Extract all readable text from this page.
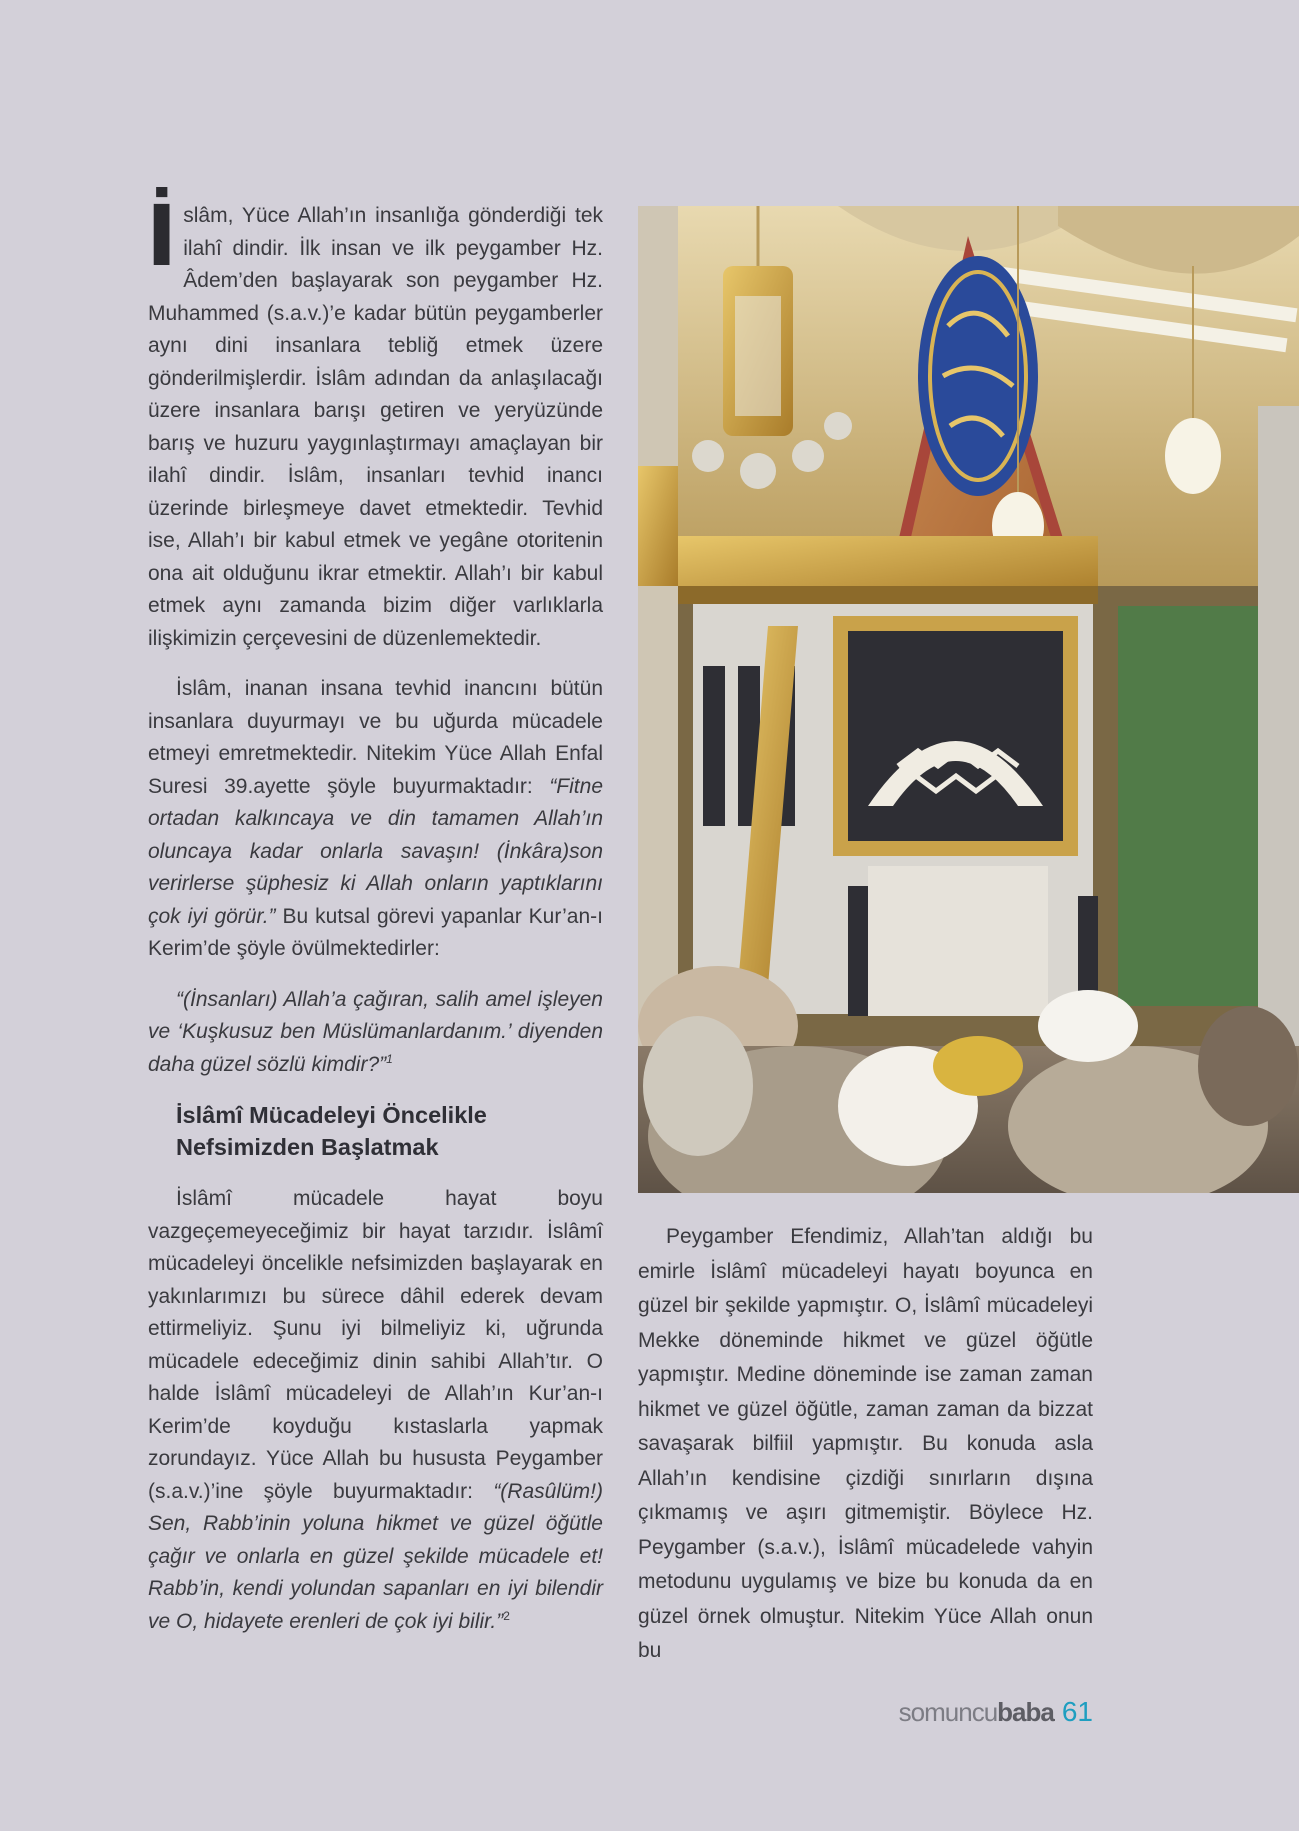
İslâm, Yüce Allah’ın insanlığa gönderdiği tek ilahî dindir. İlk insan ve ilk peygamber Hz. Âdem’den başlayarak son peygamber Hz. Muhammed (s.a.v.)’e kadar bütün peygamberler aynı dini insanlara tebliğ etmek üzere gönderilmişlerdir. İslâm adından da anlaşılacağı üzere insanlara barışı getiren ve yeryüzünde barış ve huzuru yaygınlaştırmayı amaçlayan bir ilahî dindir. İslâm, insanları tevhid inancı üzerinde birleşmeye davet etmektedir. Tevhid ise, Allah’ı bir kabul etmek ve yegâne otoritenin ona ait olduğunu ikrar etmektir. Allah’ı bir kabul etmek aynı zamanda bizim diğer varlıklarla ilişkimizin çerçevesini de düzenlemektedir.

İslâm, inanan insana tevhid inancını bütün insanlara duyurmayı ve bu uğurda mücadele etmeyi emretmektedir. Nitekim Yüce Allah Enfal Suresi 39.ayette şöyle buyurmaktadır: “Fitne ortadan kalkıncaya ve din tamamen Allah’ın oluncaya kadar onlarla savaşın! (İnkâra)son verirlerse şüphesiz ki Allah onların yaptıklarını çok iyi görür.” Bu kutsal görevi yapanlar Kur’an-ı Kerim’de şöyle övülmektedirler:

“(İnsanları) Allah’a çağıran, salih amel işleyen ve ‘Kuşkusuz ben Müslümanlardanım.’ diyenden daha güzel sözlü kimdir?”$^1$

İslâmî Mücadeleyi Öncelikle Nefsimizden Başlatmak

İslâmî mücadele hayat boyu vazgeçemeyeceğimiz bir hayat tarzıdır. İslâmî mücadeleyi öncelikle nefsimizden başlayarak en yakınlarımızı bu sürece dâhil ederek devam ettirmeliyiz. Şunu iyi bilmeliyiz ki, uğrunda mücadele edeceğimiz dinin sahibi Allah’tır. O halde İslâmî mücadeleyi de Allah’ın Kur’an-ı Kerim’de koyduğu kıstaslarla yapmak zorundayız. Yüce Allah bu hususta Peygamber (s.a.v.)’ine şöyle buyurmaktadır: “(Rasûlüm!) Sen, Rabb’inin yoluna hikmet ve güzel öğütle çağır ve onlarla en güzel şekilde mücadele et! Rabb’in, kendi yolundan sapanları en iyi bilendir ve O, hidayete erenleri de çok iyi bilir.”$^2$

Peygamber Efendimiz, Allah’tan aldığı bu emirle İslâmî mücadeleyi hayatı boyunca en güzel bir şekilde yapmıştır. O, İslâmî mücadeleyi Mekke döneminde hikmet ve güzel öğütle yapmıştır. Medine döneminde ise zaman zaman hikmet ve güzel öğütle, zaman zaman da bizzat savaşarak bilfiil yapmıştır. Bu konuda asla Allah’ın kendisine çizdiği sınırların dışına çıkmamış ve aşırı gitmemiştir. Böylece Hz. Peygamber (s.a.v.), İslâmî mücadelede vahyin metodunu uygulamış ve bize bu konuda da en güzel örnek olmuştur. Nitekim Yüce Allah onun bu

somuncubaba 61
